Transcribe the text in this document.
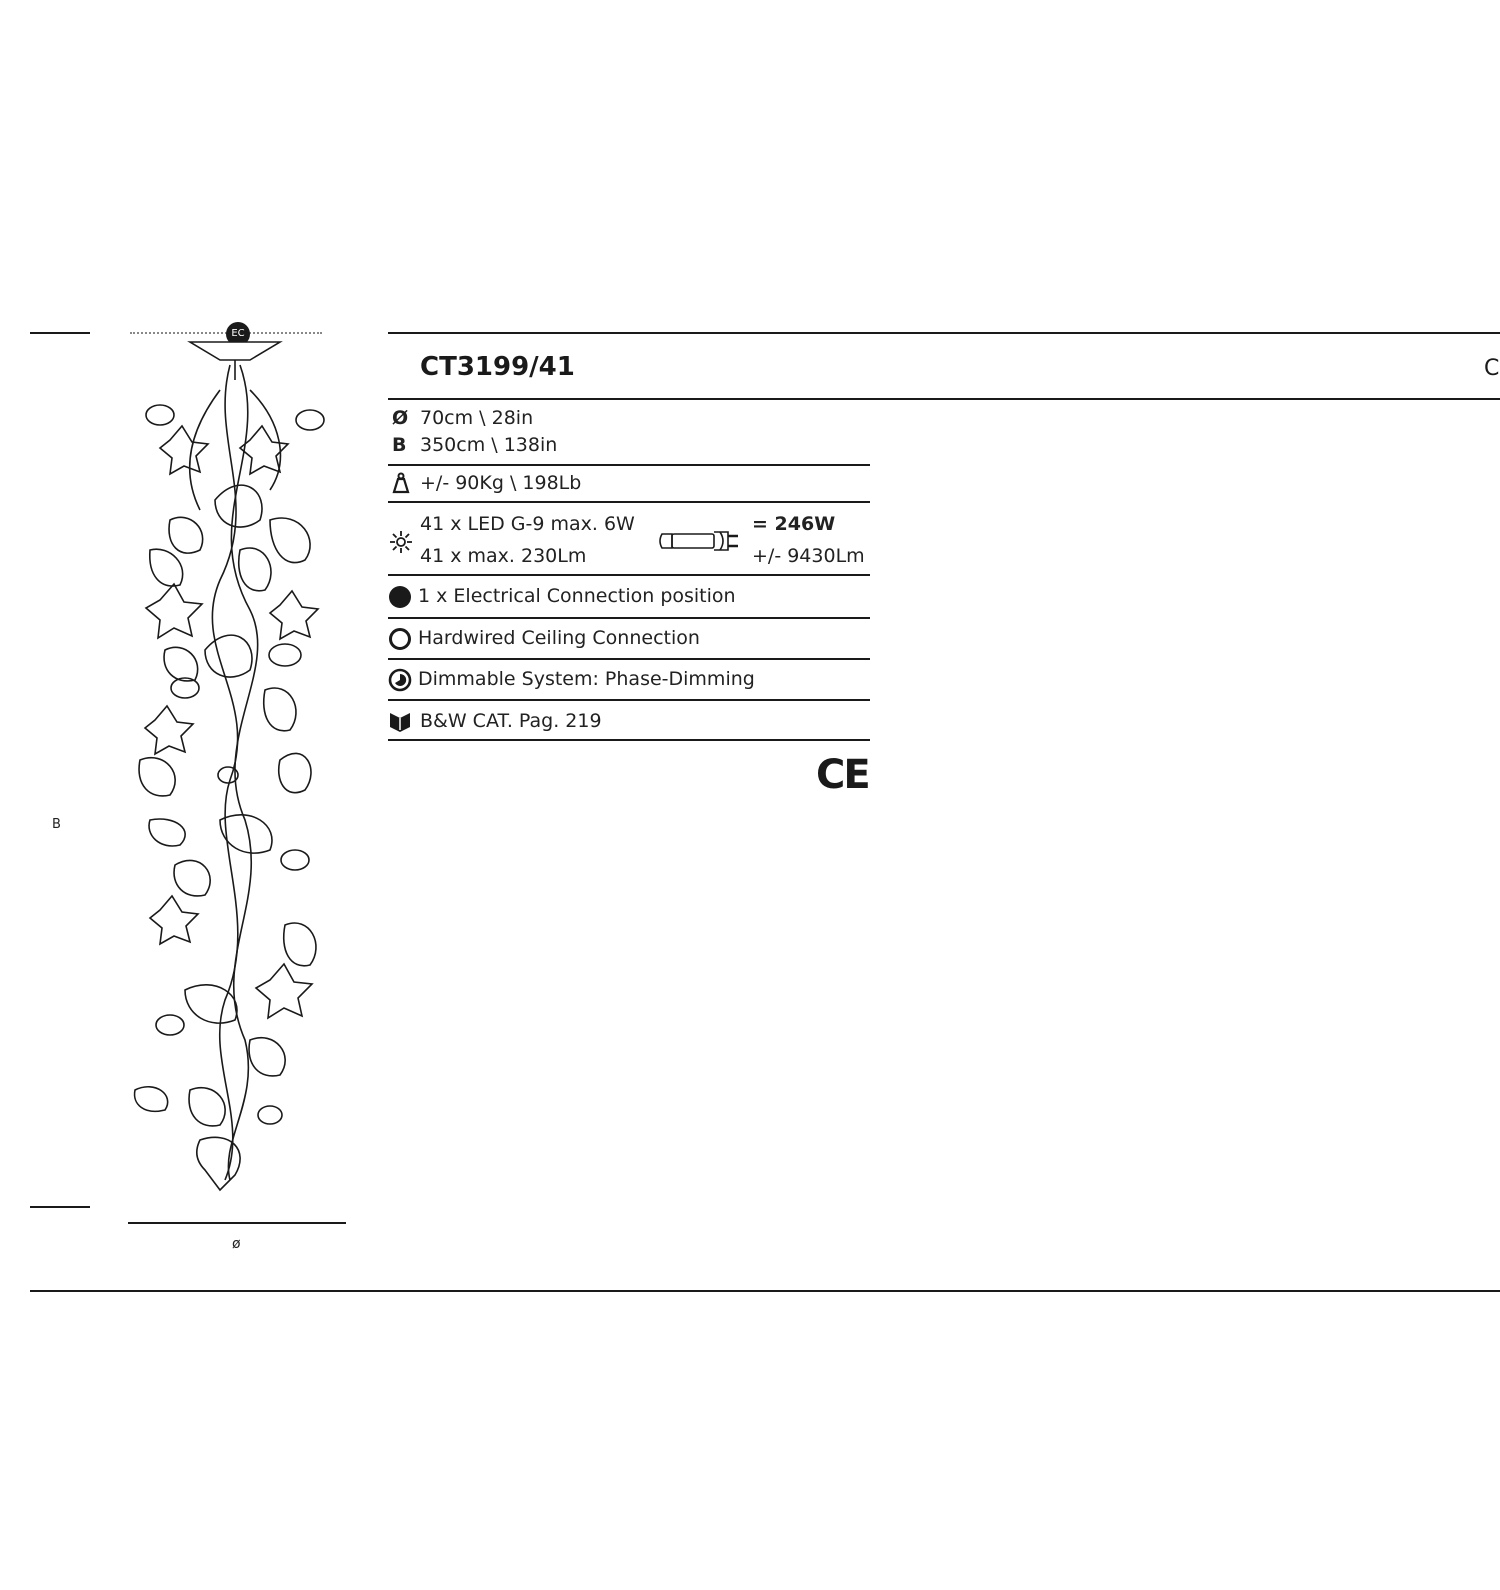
B
ø
EC
CT3199/41	C
Ø 70cm \ 28in
B 350cm \ 138in
+/- 90Kg \ 198Lb
41 x LED G-9 max. 6W
41 x max. 230Lm
= 246W
+/- 9430Lm
1 x Electrical Connection position
Hardwired Ceiling Connection
Dimmable System: Phase-Dimming
B&W CAT. Pag. 219
CE
